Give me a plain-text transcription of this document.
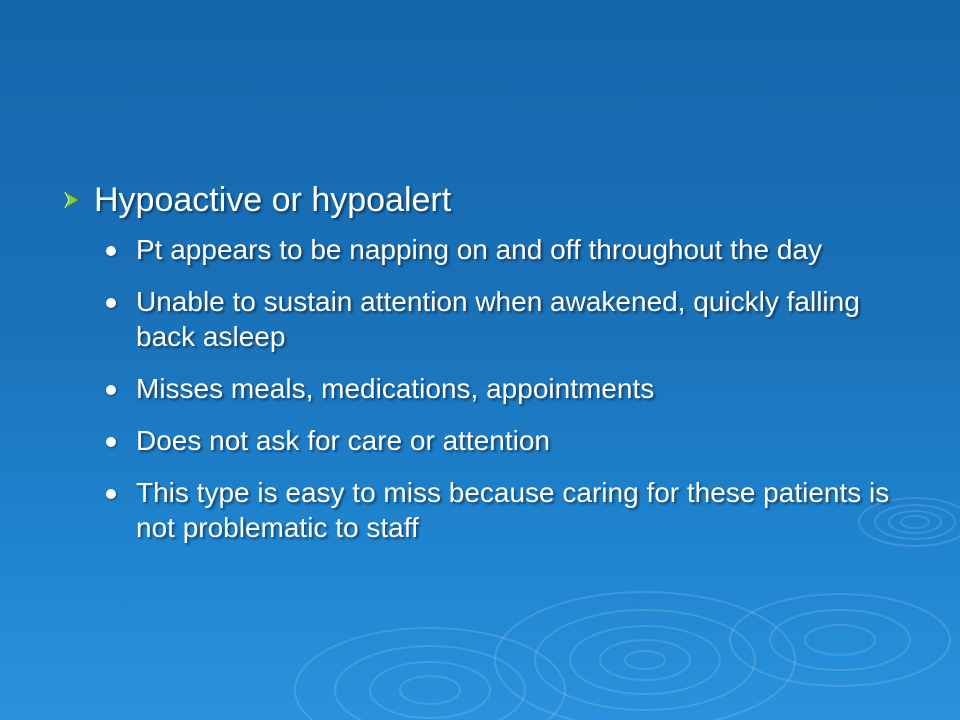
Hypoactive or hypoalert
Pt appears to be napping on and off throughout the day
Unable to sustain attention when awakened, quickly falling back asleep
Misses meals, medications, appointments
Does not ask for care or attention
This type is easy to miss because caring for these patients is not problematic to staff
